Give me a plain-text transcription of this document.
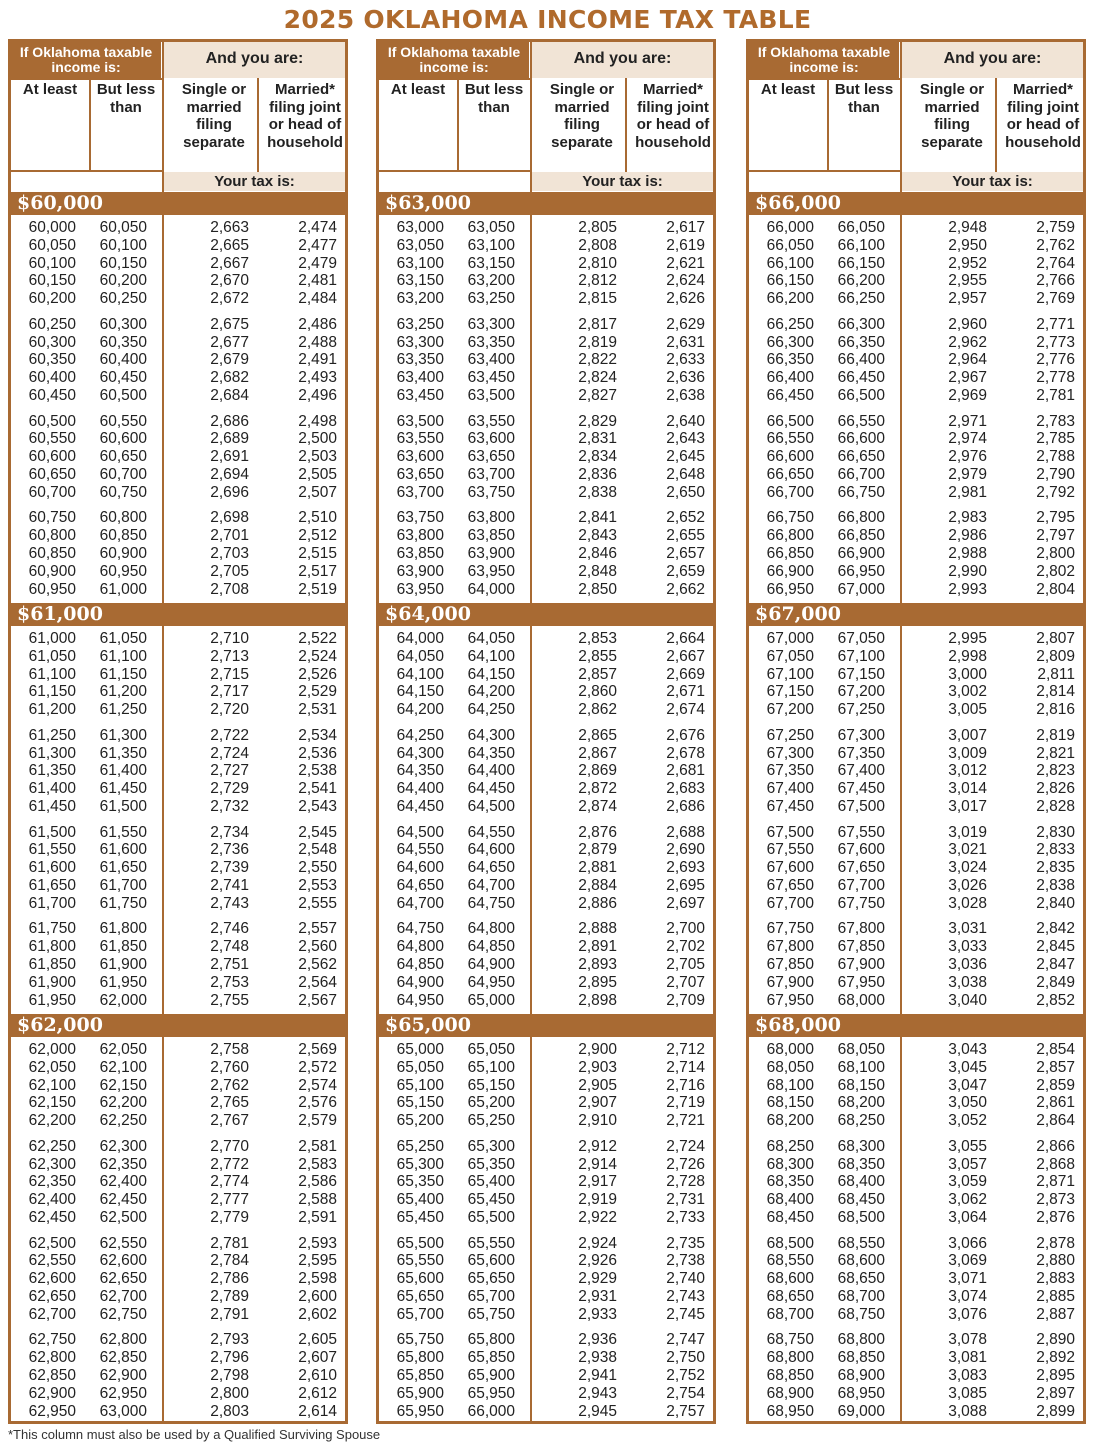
2025 OKLAHOMA INCOME TAX TABLE
If Oklahoma taxable income is:	And you are:
At least	But less than
Single or married filing separate
Married* filing joint or head of household
Your tax is:
$60,000
60,000	60,050	2,663	2,474
60,050	60,100	2,665	2,477
60,100	60,150	2,667	2,479
60,150	60,200	2,670	2,481
60,200	60,250	2,672	2,484
60,250	60,300	2,675	2,486
60,300	60,350	2,677	2,488
60,350	60,400	2,679	2,491
60,400	60,450	2,682	2,493
60,450	60,500	2,684	2,496
60,500	60,550	2,686	2,498
60,550	60,600	2,689	2,500
60,600	60,650	2,691	2,503
60,650	60,700	2,694	2,505
60,700	60,750	2,696	2,507
60,750	60,800	2,698	2,510
60,800	60,850	2,701	2,512
60,850	60,900	2,703	2,515
60,900	60,950	2,705	2,517
60,950	61,000	2,708	2,519
$61,000
61,000	61,050	2,710	2,522
61,050	61,100	2,713	2,524
61,100	61,150	2,715	2,526
61,150	61,200	2,717	2,529
61,200	61,250	2,720	2,531
61,250	61,300	2,722	2,534
61,300	61,350	2,724	2,536
61,350	61,400	2,727	2,538
61,400	61,450	2,729	2,541
61,450	61,500	2,732	2,543
61,500	61,550	2,734	2,545
61,550	61,600	2,736	2,548
61,600	61,650	2,739	2,550
61,650	61,700	2,741	2,553
61,700	61,750	2,743	2,555
61,750	61,800	2,746	2,557
61,800	61,850	2,748	2,560
61,850	61,900	2,751	2,562
61,900	61,950	2,753	2,564
61,950	62,000	2,755	2,567
$62,000
62,000	62,050	2,758	2,569
62,050	62,100	2,760	2,572
62,100	62,150	2,762	2,574
62,150	62,200	2,765	2,576
62,200	62,250	2,767	2,579
62,250	62,300	2,770	2,581
62,300	62,350	2,772	2,583
62,350	62,400	2,774	2,586
62,400	62,450	2,777	2,588
62,450	62,500	2,779	2,591
62,500	62,550	2,781	2,593
62,550	62,600	2,784	2,595
62,600	62,650	2,786	2,598
62,650	62,700	2,789	2,600
62,700	62,750	2,791	2,602
62,750	62,800	2,793	2,605
62,800	62,850	2,796	2,607
62,850	62,900	2,798	2,610
62,900	62,950	2,800	2,612
62,950	63,000	2,803	2,614
If Oklahoma taxable income is:	And you are:
At least	But less than
Single or married filing separate
Married* filing joint or head of household
Your tax is:
$63,000
63,000	63,050	2,805	2,617
63,050	63,100	2,808	2,619
63,100	63,150	2,810	2,621
63,150	63,200	2,812	2,624
63,200	63,250	2,815	2,626
63,250	63,300	2,817	2,629
63,300	63,350	2,819	2,631
63,350	63,400	2,822	2,633
63,400	63,450	2,824	2,636
63,450	63,500	2,827	2,638
63,500	63,550	2,829	2,640
63,550	63,600	2,831	2,643
63,600	63,650	2,834	2,645
63,650	63,700	2,836	2,648
63,700	63,750	2,838	2,650
63,750	63,800	2,841	2,652
63,800	63,850	2,843	2,655
63,850	63,900	2,846	2,657
63,900	63,950	2,848	2,659
63,950	64,000	2,850	2,662
$64,000
64,000	64,050	2,853	2,664
64,050	64,100	2,855	2,667
64,100	64,150	2,857	2,669
64,150	64,200	2,860	2,671
64,200	64,250	2,862	2,674
64,250	64,300	2,865	2,676
64,300	64,350	2,867	2,678
64,350	64,400	2,869	2,681
64,400	64,450	2,872	2,683
64,450	64,500	2,874	2,686
64,500	64,550	2,876	2,688
64,550	64,600	2,879	2,690
64,600	64,650	2,881	2,693
64,650	64,700	2,884	2,695
64,700	64,750	2,886	2,697
64,750	64,800	2,888	2,700
64,800	64,850	2,891	2,702
64,850	64,900	2,893	2,705
64,900	64,950	2,895	2,707
64,950	65,000	2,898	2,709
$65,000
65,000	65,050	2,900	2,712
65,050	65,100	2,903	2,714
65,100	65,150	2,905	2,716
65,150	65,200	2,907	2,719
65,200	65,250	2,910	2,721
65,250	65,300	2,912	2,724
65,300	65,350	2,914	2,726
65,350	65,400	2,917	2,728
65,400	65,450	2,919	2,731
65,450	65,500	2,922	2,733
65,500	65,550	2,924	2,735
65,550	65,600	2,926	2,738
65,600	65,650	2,929	2,740
65,650	65,700	2,931	2,743
65,700	65,750	2,933	2,745
65,750	65,800	2,936	2,747
65,800	65,850	2,938	2,750
65,850	65,900	2,941	2,752
65,900	65,950	2,943	2,754
65,950	66,000	2,945	2,757
If Oklahoma taxable income is:	And you are:
At least	But less than
Single or married filing separate
Married* filing joint or head of household
Your tax is:
$66,000
66,000	66,050	2,948	2,759
66,050	66,100	2,950	2,762
66,100	66,150	2,952	2,764
66,150	66,200	2,955	2,766
66,200	66,250	2,957	2,769
66,250	66,300	2,960	2,771
66,300	66,350	2,962	2,773
66,350	66,400	2,964	2,776
66,400	66,450	2,967	2,778
66,450	66,500	2,969	2,781
66,500	66,550	2,971	2,783
66,550	66,600	2,974	2,785
66,600	66,650	2,976	2,788
66,650	66,700	2,979	2,790
66,700	66,750	2,981	2,792
66,750	66,800	2,983	2,795
66,800	66,850	2,986	2,797
66,850	66,900	2,988	2,800
66,900	66,950	2,990	2,802
66,950	67,000	2,993	2,804
$67,000
67,000	67,050	2,995	2,807
67,050	67,100	2,998	2,809
67,100	67,150	3,000	2,811
67,150	67,200	3,002	2,814
67,200	67,250	3,005	2,816
67,250	67,300	3,007	2,819
67,300	67,350	3,009	2,821
67,350	67,400	3,012	2,823
67,400	67,450	3,014	2,826
67,450	67,500	3,017	2,828
67,500	67,550	3,019	2,830
67,550	67,600	3,021	2,833
67,600	67,650	3,024	2,835
67,650	67,700	3,026	2,838
67,700	67,750	3,028	2,840
67,750	67,800	3,031	2,842
67,800	67,850	3,033	2,845
67,850	67,900	3,036	2,847
67,900	67,950	3,038	2,849
67,950	68,000	3,040	2,852
$68,000
68,000	68,050	3,043	2,854
68,050	68,100	3,045	2,857
68,100	68,150	3,047	2,859
68,150	68,200	3,050	2,861
68,200	68,250	3,052	2,864
68,250	68,300	3,055	2,866
68,300	68,350	3,057	2,868
68,350	68,400	3,059	2,871
68,400	68,450	3,062	2,873
68,450	68,500	3,064	2,876
68,500	68,550	3,066	2,878
68,550	68,600	3,069	2,880
68,600	68,650	3,071	2,883
68,650	68,700	3,074	2,885
68,700	68,750	3,076	2,887
68,750	68,800	3,078	2,890
68,800	68,850	3,081	2,892
68,850	68,900	3,083	2,895
68,900	68,950	3,085	2,897
68,950	69,000	3,088	2,899
*This column must also be used by a Qualified Surviving Spouse
